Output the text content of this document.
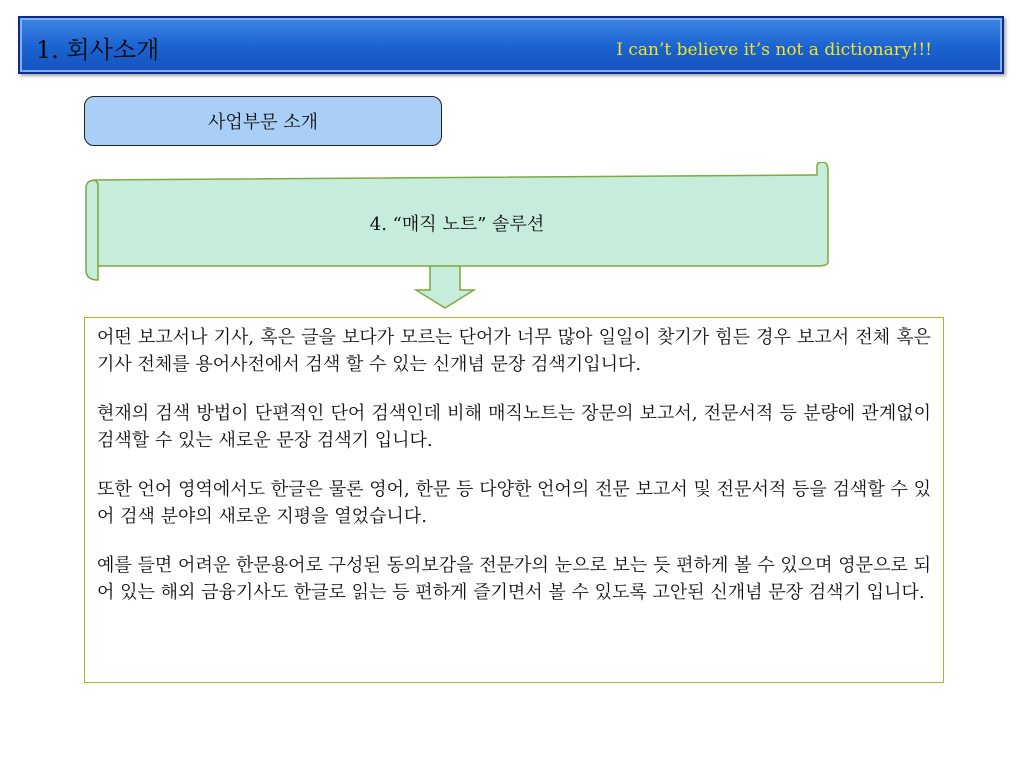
1. 회사소개	I can’t believe it’s not a dictionary!!!
사업부문 소개
4. “매직 노트” 솔루션

어떤 보고서나 기사, 혹은 글을 보다가 모르는 단어가 너무 많아 일일이 찾기가 힘든 경우 보고서 전체 혹은 기사 전체를 용어사전에서 검색 할 수 있는 신개념 문장 검색기입니다.

현재의 검색 방법이 단편적인 단어 검색인데 비해 매직노트는 장문의 보고서, 전문서적 등 분량에 관계없이 검색할 수 있는 새로운 문장 검색기 입니다.

또한 언어 영역에서도 한글은 물론 영어, 한문 등 다양한 언어의 전문 보고서 및 전문서적 등을 검색할 수 있어 검색 분야의 새로운 지평을 열었습니다.

예를 들면 어려운 한문용어로 구성된 동의보감을 전문가의 눈으로 보는 듯 편하게 볼 수 있으며 영문으로 되어 있는 해외 금융기사도 한글로 읽는 등 편하게 즐기면서 볼 수 있도록 고안된 신개념 문장 검색기 입니다.
